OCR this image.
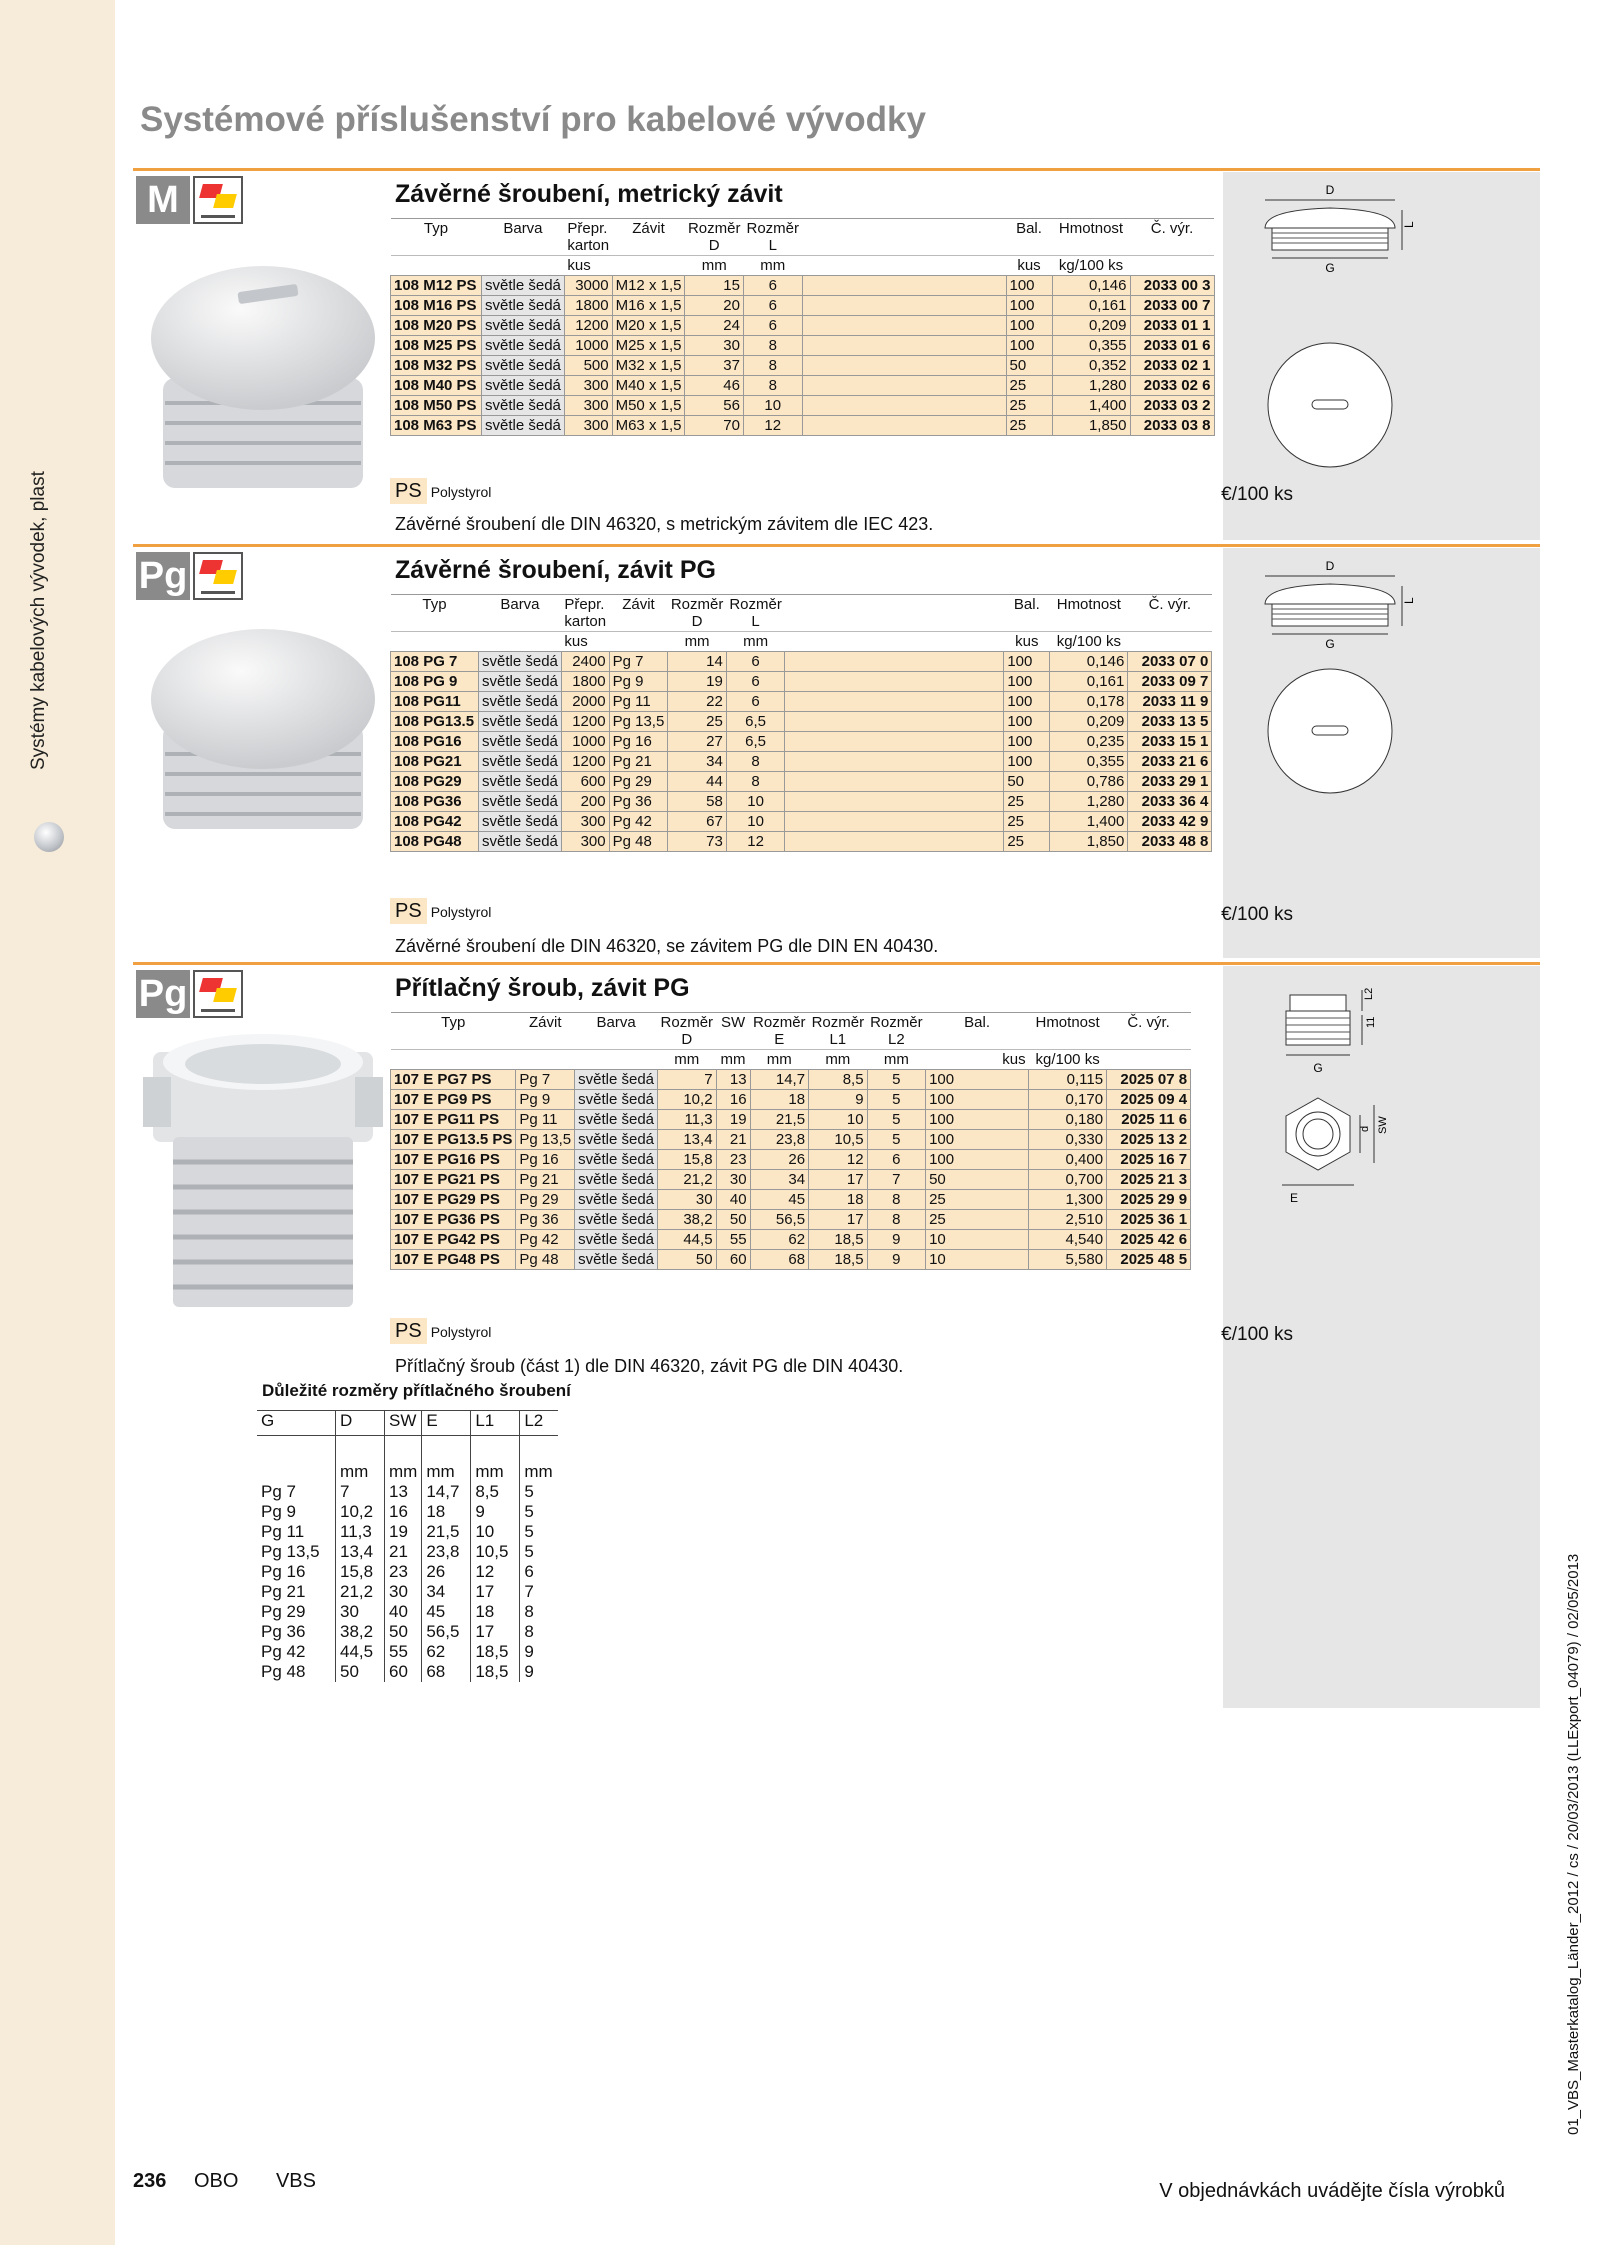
Systémy kabelových vývodek, plast
Systémové příslušenství pro kabelové vývodky
M	Závěrné šroubení, metrický závit
Typ	Barva	Přepr. karton	Závit	Rozměr D	Rozměr L		Bal.	Hmotnost	Č. výr.
		kus		mm	mm		kus	kg/100 ks	
108 M12 PS	světle šedá	3000	M12 x 1,5	15	6		100	0,146	2033 00 3
108 M16 PS	světle šedá	1800	M16 x 1,5	20	6		100	0,161	2033 00 7
108 M20 PS	světle šedá	1200	M20 x 1,5	24	6		100	0,209	2033 01 1
108 M25 PS	světle šedá	1000	M25 x 1,5	30	8		100	0,355	2033 01 6
108 M32 PS	světle šedá	500	M32 x 1,5	37	8		50	0,352	2033 02 1
108 M40 PS	světle šedá	300	M40 x 1,5	46	8		25	1,280	2033 02 6
108 M50 PS	světle šedá	300	M50 x 1,5	56	10		25	1,400	2033 03 2
108 M63 PS	světle šedá	300	M63 x 1,5	70	12		25	1,850	2033 03 8
PS Polystyrol	€/100 ks
Závěrné šroubení dle DIN 46320, s metrickým závitem dle IEC 423.
Pg	Závěrné šroubení, závit PG
Typ	Barva	Přepr. karton	Závit	Rozměr D	Rozměr L		Bal.	Hmotnost	Č. výr.
		kus		mm	mm		kus	kg/100 ks	
108 PG 7	světle šedá	2400	Pg 7	14	6		100	0,146	2033 07 0
108 PG 9	světle šedá	1800	Pg 9	19	6		100	0,161	2033 09 7
108 PG11	světle šedá	2000	Pg 11	22	6		100	0,178	2033 11 9
108 PG13.5	světle šedá	1200	Pg 13,5	25	6,5		100	0,209	2033 13 5
108 PG16	světle šedá	1000	Pg 16	27	6,5		100	0,235	2033 15 1
108 PG21	světle šedá	1200	Pg 21	34	8		100	0,355	2033 21 6
108 PG29	světle šedá	600	Pg 29	44	8		50	0,786	2033 29 1
108 PG36	světle šedá	200	Pg 36	58	10		25	1,280	2033 36 4
108 PG42	světle šedá	300	Pg 42	67	10		25	1,400	2033 42 9
108 PG48	světle šedá	300	Pg 48	73	12		25	1,850	2033 48 8
PS Polystyrol	€/100 ks
Závěrné šroubení dle DIN 46320, se závitem PG dle DIN EN 40430.
Pg	Přítlačný šroub, závit PG
Typ	Závit	Barva	Rozměr D	SW	Rozměr E	Rozměr L1	Rozměr L2	Bal.	Hmotnost	Č. výr.
			mm	mm	mm	mm	mm	kus	kg/100 ks	
107 E PG7 PS	Pg 7	světle šedá	7	13	14,7	8,5	5	100	0,115	2025 07 8
107 E PG9 PS	Pg 9	světle šedá	10,2	16	18	9	5	100	0,170	2025 09 4
107 E PG11 PS	Pg 11	světle šedá	11,3	19	21,5	10	5	100	0,180	2025 11 6
107 E PG13.5 PS	Pg 13,5	světle šedá	13,4	21	23,8	10,5	5	100	0,330	2025 13 2
107 E PG16 PS	Pg 16	světle šedá	15,8	23	26	12	6	100	0,400	2025 16 7
107 E PG21 PS	Pg 21	světle šedá	21,2	30	34	17	7	50	0,700	2025 21 3
107 E PG29 PS	Pg 29	světle šedá	30	40	45	18	8	25	1,300	2025 29 9
107 E PG36 PS	Pg 36	světle šedá	38,2	50	56,5	17	8	25	2,510	2025 36 1
107 E PG42 PS	Pg 42	světle šedá	44,5	55	62	18,5	9	10	4,540	2025 42 6
107 E PG48 PS	Pg 48	světle šedá	50	60	68	18,5	9	10	5,580	2025 48 5
PS Polystyrol	€/100 ks
Přítlačný šroub (část 1) dle DIN 46320, závit PG dle DIN 40430.
Důležité rozměry přítlačného šroubení
G	D	SW	E	L1	L2
	mm	mm	mm	mm	mm
Pg 7	7	13	14,7	8,5	5
Pg 9	10,2	16	18	9	5
Pg 11	11,3	19	21,5	10	5
Pg 13,5	13,4	21	23,8	10,5	5
Pg 16	15,8	23	26	12	6
Pg 21	21,2	30	34	17	7
Pg 29	30	40	45	18	8
Pg 36	38,2	50	56,5	17	8
Pg 42	44,5	55	62	18,5	9
Pg 48	50	60	68	18,5	9
D
G
L
D
G
L
G
L2
11
d SW
E
236 OBO VBS	V objednávkách uvádějte čísla výrobků
01_VBS_Masterkatalog_Länder_2012 / cs / 20/03/2013 (LLExport_04079) / 02/05/2013
